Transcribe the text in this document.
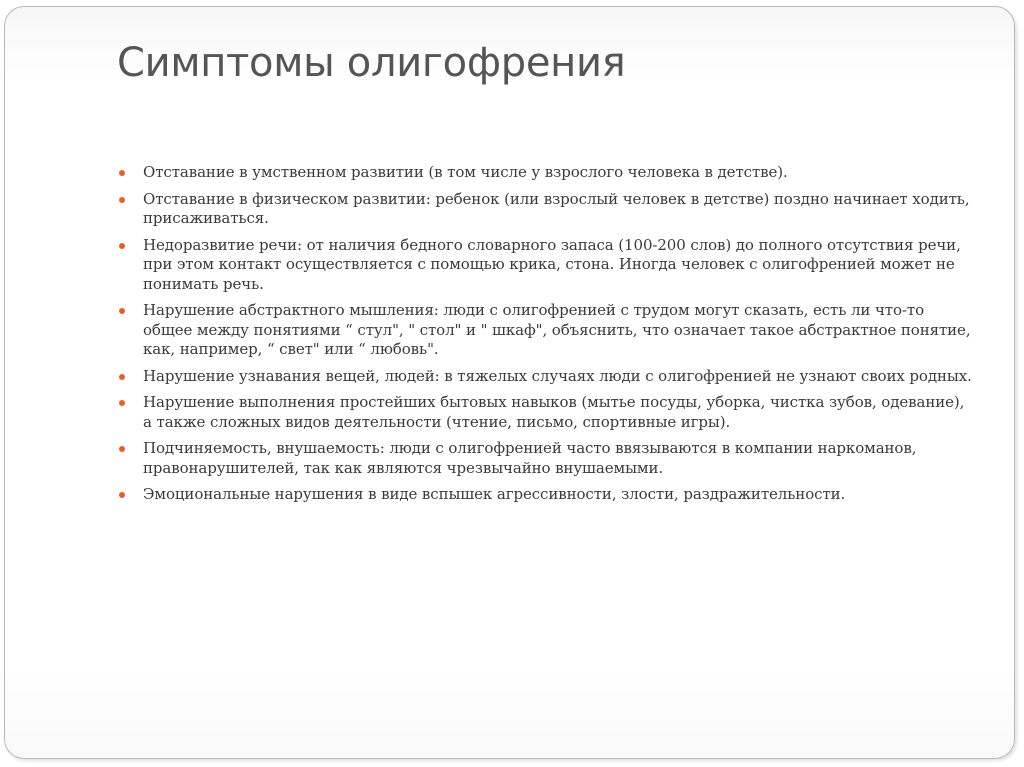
Симптомы олигофрения
Отставание в умственном развитии (в том числе у взрослого человека в детстве).
Отставание в физическом развитии: ребенок (или взрослый человек в детстве) поздно начинает ходить, присаживаться.
Недоразвитие речи: от наличия бедного словарного запаса (100-200 слов) до полного отсутствия речи, при этом контакт осуществляется с помощью крика, стона. Иногда человек с олигофренией может не понимать речь.
Нарушение абстрактного мышления: люди с олигофренией с трудом могут сказать, есть ли что-то общее между понятиями “ стул", " стол" и " шкаф", объяснить, что означает такое абстрактное понятие, как, например, “ свет" или “ любовь".
Нарушение узнавания вещей, людей: в тяжелых случаях люди с олигофренией не узнают своих родных.
Нарушение выполнения простейших бытовых навыков (мытье посуды, уборка, чистка зубов, одевание), а также сложных видов деятельности (чтение, письмо, спортивные игры).
Подчиняемость, внушаемость: люди с олигофренией часто ввязываются в компании наркоманов, правонарушителей, так как являются чрезвычайно внушаемыми.
Эмоциональные нарушения в виде вспышек агрессивности, злости, раздражительности.
